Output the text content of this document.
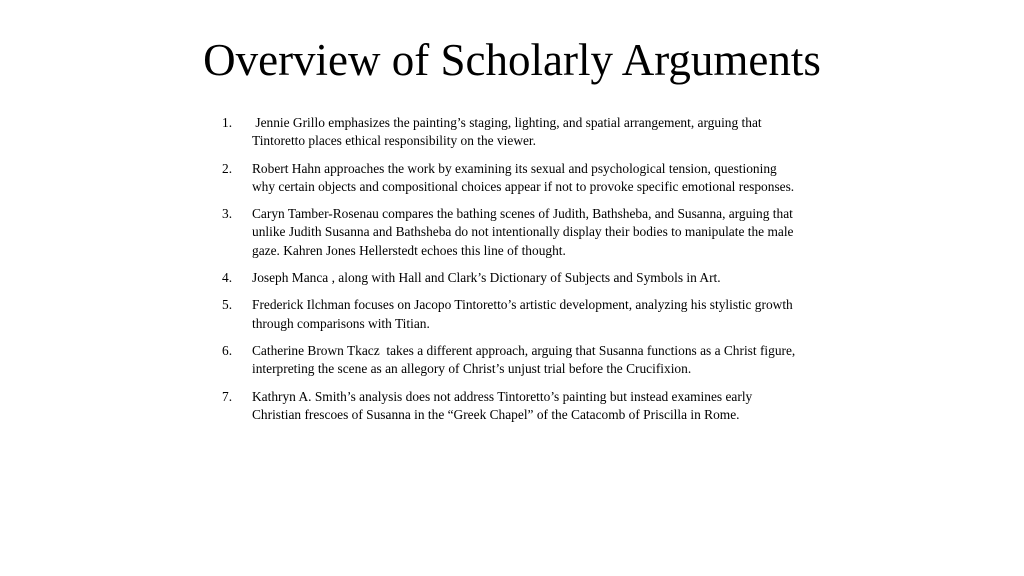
Overview of Scholarly Arguments
1. Jennie Grillo emphasizes the painting’s staging, lighting, and spatial arrangement, arguing that Tintoretto places ethical responsibility on the viewer.
2. Robert Hahn approaches the work by examining its sexual and psychological tension, questioning why certain objects and compositional choices appear if not to provoke specific emotional responses.
3. Caryn Tamber-Rosenau compares the bathing scenes of Judith, Bathsheba, and Susanna, arguing that unlike Judith Susanna and Bathsheba do not intentionally display their bodies to manipulate the male gaze. Kahren Jones Hellerstedt echoes this line of thought.
4. Joseph Manca , along with Hall and Clark’s Dictionary of Subjects and Symbols in Art.
5. Frederick Ilchman focuses on Jacopo Tintoretto’s artistic development, analyzing his stylistic growth through comparisons with Titian.
6. Catherine Brown Tkacz  takes a different approach, arguing that Susanna functions as a Christ figure, interpreting the scene as an allegory of Christ’s unjust trial before the Crucifixion.
7. Kathryn A. Smith’s analysis does not address Tintoretto’s painting but instead examines early Christian frescoes of Susanna in the “Greek Chapel” of the Catacomb of Priscilla in Rome.
